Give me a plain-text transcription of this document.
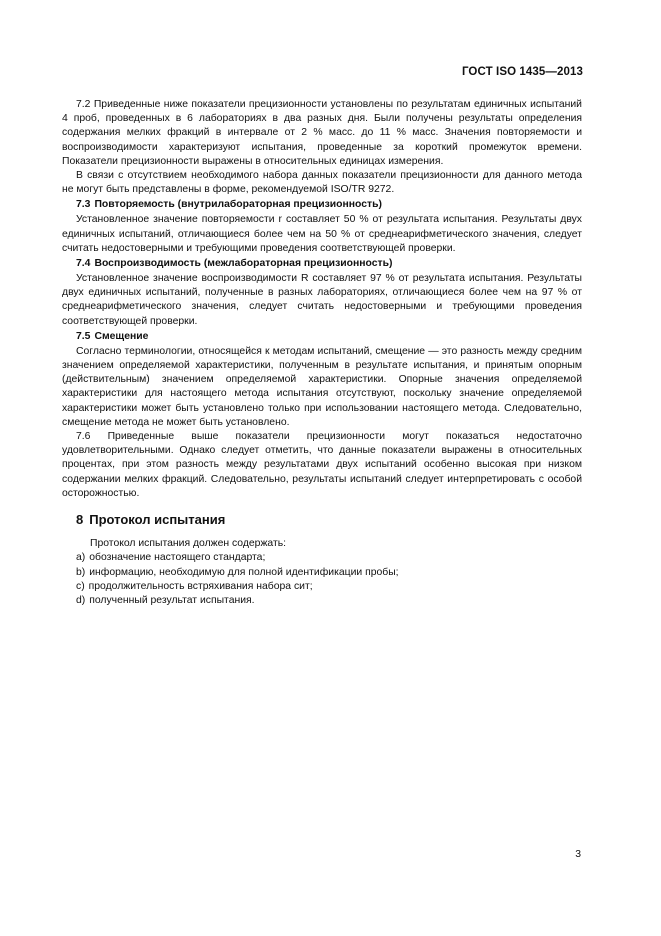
ГОСТ ISO 1435—2013

7.2 Приведенные ниже показатели прецизионности установлены по результатам единичных испытаний 4 проб, проведенных в 6 лабораториях в два разных дня. Были получены результаты определения содержания мелких фракций в интервале от 2 % масс. до 11 % масс. Значения повторяемости и воспроизводимости характеризуют испытания, проведенные за короткий промежуток времени. Показатели прецизионности выражены в относительных единицах измерения.

В связи с отсутствием необходимого набора данных показатели прецизионности для данного метода не могут быть представлены в форме, рекомендуемой ISO/TR 9272.

7.3 Повторяемость (внутрилабораторная прецизионность)

Установленное значение повторяемости r составляет 50 % от результата испытания. Результаты двух единичных испытаний, отличающиеся более чем на 50 % от среднеарифметического значения, следует считать недостоверными и требующими проведения соответствующей проверки.

7.4 Воспроизводимость (межлабораторная прецизионность)

Установленное значение воспроизводимости R составляет 97 % от результата испытания. Результаты двух единичных испытаний, полученные в разных лабораториях, отличающиеся более чем на 97 % от среднеарифметического значения, следует считать недостоверными и требующими проведения соответствующей проверки.

7.5 Смещение

Согласно терминологии, относящейся к методам испытаний, смещение — это разность между средним значением определяемой характеристики, полученным в результате испытания, и принятым опорным (действительным) значением определяемой характеристики. Опорные значения определяемой характеристики для настоящего метода испытания отсутствуют, поскольку значение определяемой характеристики может быть установлено только при использовании настоящего метода. Следовательно, смещение метода не может быть установлено.

7.6 Приведенные выше показатели прецизионности могут показаться недостаточно удовлетворительными. Однако следует отметить, что данные показатели выражены в относительных процентах, при этом разность между результатами двух испытаний особенно высокая при низком содержании мелких фракций. Следовательно, результаты испытаний следует интерпретировать с особой осторожностью.

8 Протокол испытания

Протокол испытания должен содержать:

a) обозначение настоящего стандарта;
b) информацию, необходимую для полной идентификации пробы;
c) продолжительность встряхивания набора сит;
d) полученный результат испытания.
3
